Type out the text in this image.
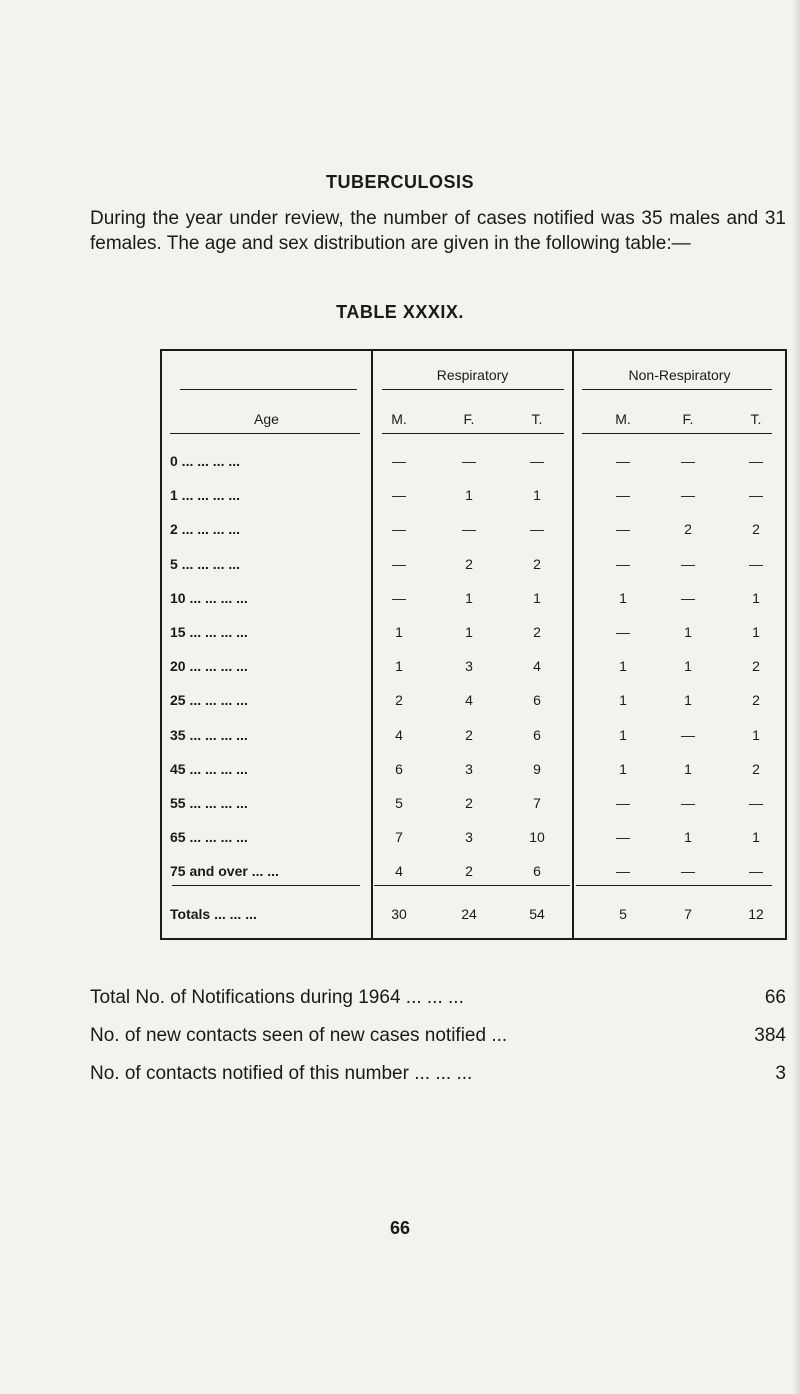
TUBERCULOSIS
During the year under review, the number of cases notified was 35 males and 31 females. The age and sex distribution are given in the following table:—
TABLE XXXIX.
Respiratory	Non-Respiratory
Age	M.	F.	T.	M.	F.	T.
0 ... ... ... ...	—	—	—	—	—	—
1 ... ... ... ...	—	1	1	—	—	—
2 ... ... ... ...	—	—	—	—	2	2
5 ... ... ... ...	—	2	2	—	—	—
10 ... ... ... ...	—	1	1	1	—	1
15 ... ... ... ...	1	1	2	—	1	1
20 ... ... ... ...	1	3	4	1	1	2
25 ... ... ... ...	2	4	6	1	1	2
35 ... ... ... ...	4	2	6	1	—	1
45 ... ... ... ...	6	3	9	1	1	2
55 ... ... ... ...	5	2	7	—	—	—
65 ... ... ... ...	7	3	10	—	1	1
75 and over ... ...	4	2	6	—	—	—
Totals ... ... ...	30	24	54	5	7	12
Total No. of Notifications during 1964 ... ... ...	66
No. of new contacts seen of new cases notified ...	384
No. of contacts notified of this number ... ... ...	3
66
